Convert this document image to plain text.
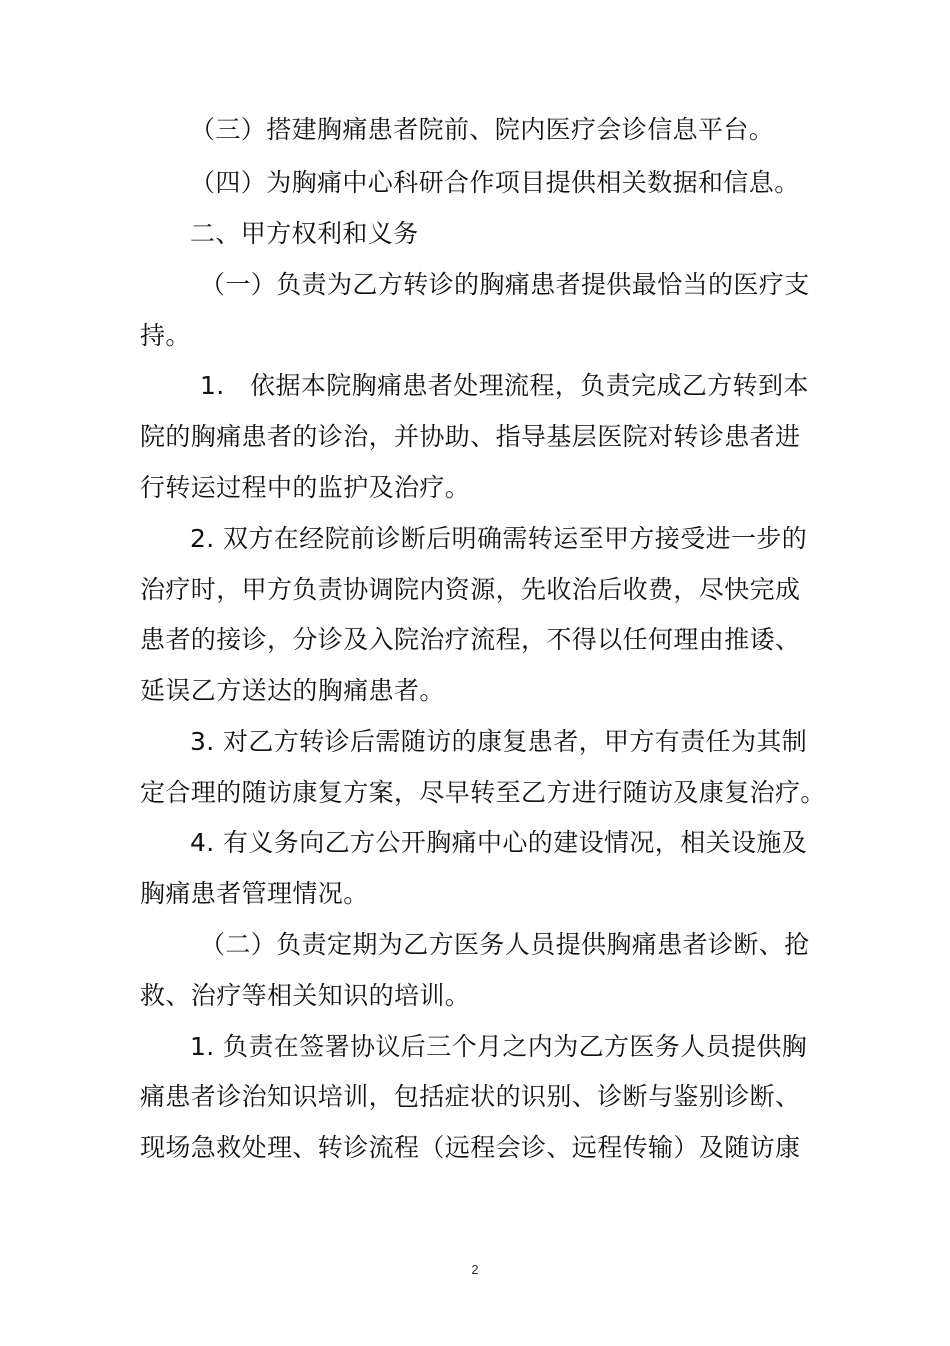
（三）搭建胸痛患者院前、院内医疗会诊信息平台。
（四）为胸痛中心科研合作项目提供相关数据和信息。
二、甲方权利和义务
（一）负责为乙方转诊的胸痛患者提供最恰当的医疗支
持。
1.　依据本院胸痛患者处理流程，负责完成乙方转到本
院的胸痛患者的诊治，并协助、指导基层医院对转诊患者进
行转运过程中的监护及治疗。
2. 双方在经院前诊断后明确需转运至甲方接受进一步的
治疗时，甲方负责协调院内资源，先收治后收费，尽快完成
患者的接诊，分诊及入院治疗流程，不得以任何理由推诿、
延误乙方送达的胸痛患者。
3. 对乙方转诊后需随访的康复患者，甲方有责任为其制
定合理的随访康复方案，尽早转至乙方进行随访及康复治疗。
4. 有义务向乙方公开胸痛中心的建设情况，相关设施及
胸痛患者管理情况。
（二）负责定期为乙方医务人员提供胸痛患者诊断、抢
救、治疗等相关知识的培训。
1. 负责在签署协议后三个月之内为乙方医务人员提供胸
痛患者诊治知识培训，包括症状的识别、诊断与鉴别诊断、
现场急救处理、转诊流程（远程会诊、远程传输）及随访康
2
